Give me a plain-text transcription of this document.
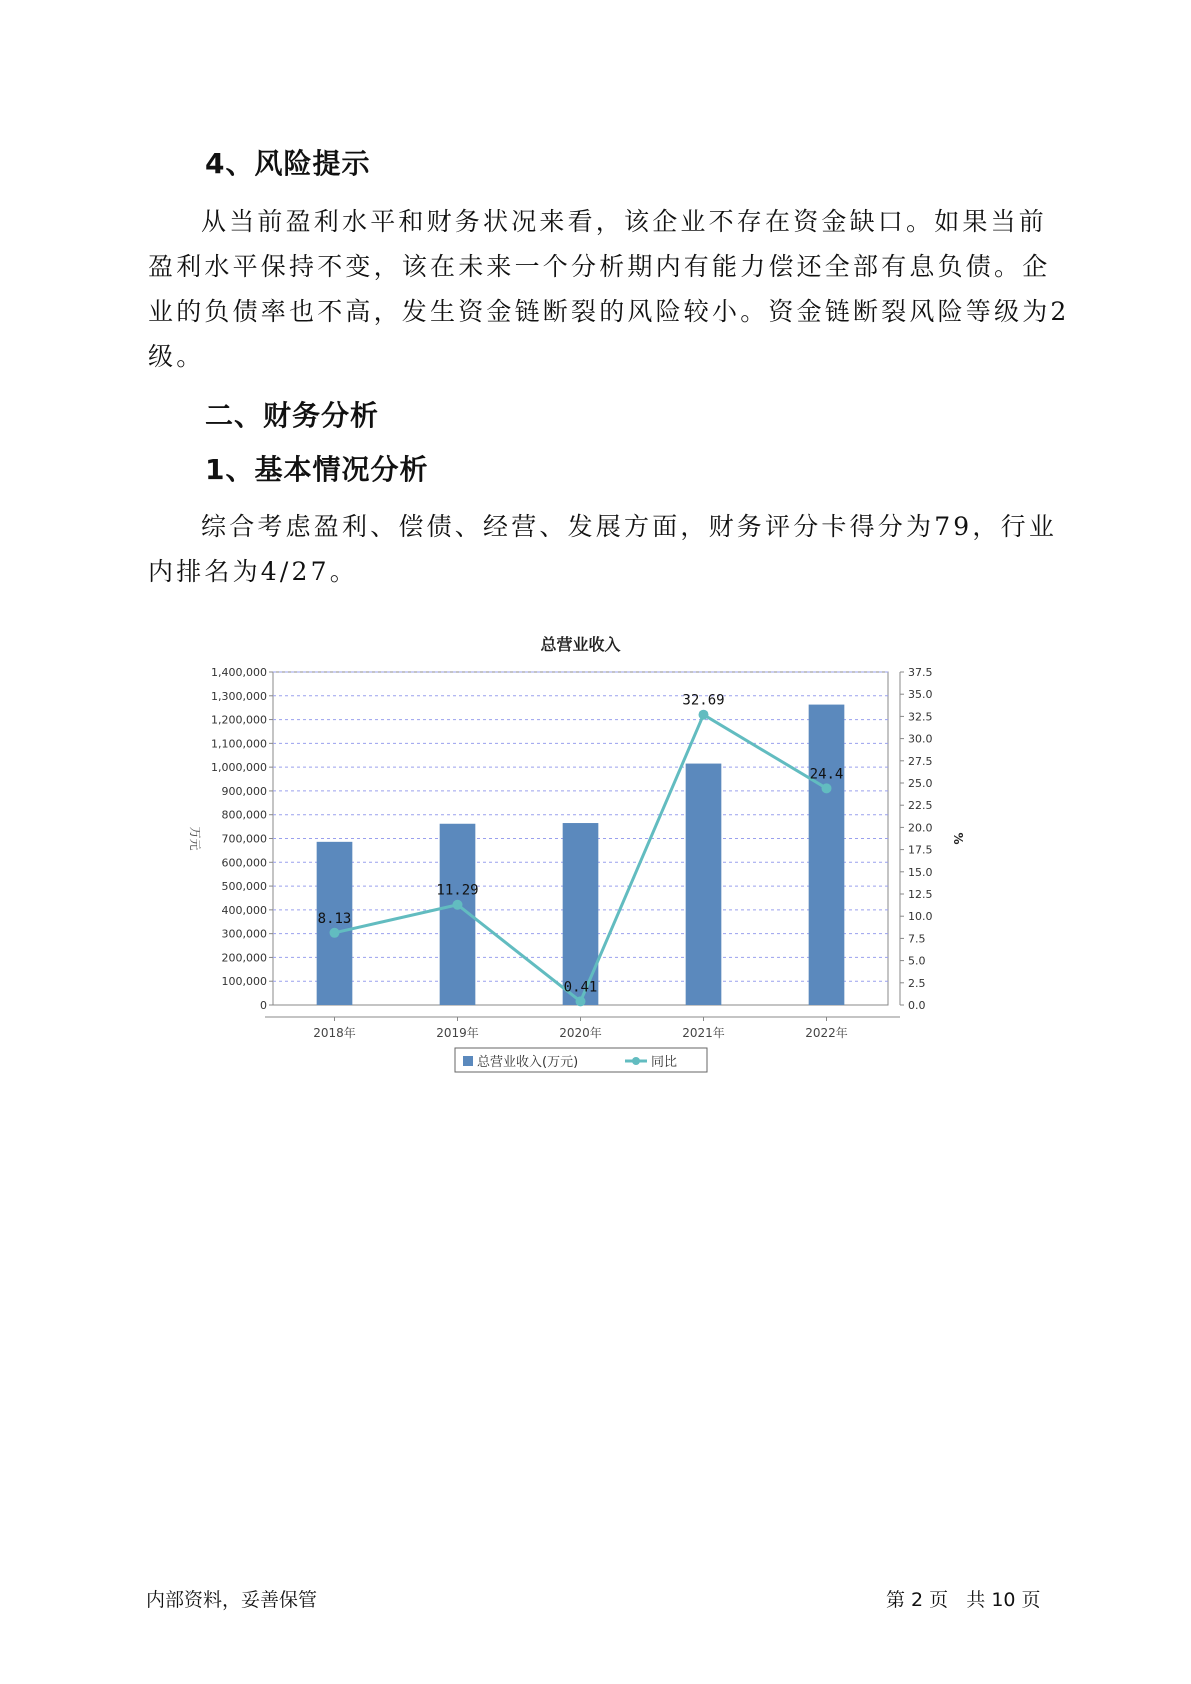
4、风险提示

从当前盈利水平和财务状况来看，该企业不存在资金缺口。如果当前
盈利水平保持不变，该在未来一个分析期内有能力偿还全部有息负债。企
业的负债率也不高，发生资金链断裂的风险较小。资金链断裂风险等级为2
级。

二、财务分析
1、基本情况分析

综合考虑盈利、偿债、经营、发展方面，财务评分卡得分为79，行业
内排名为4/27。

总营业收入
0
100,000
200,000
300,000
400,000
500,000
600,000
700,000
800,000
900,000
1,000,000
1,100,000
1,200,000
1,300,000
1,400,000
0.0
2.5
5.0
7.5
10.0
12.5
15.0
17.5
20.0
22.5
25.0
27.5
30.0
32.5
35.0
37.5
万元	%
2018年	2019年	2020年	2021年	2022年
8.13
11.29
0.41
32.69
24.4
总营业收入(万元)	同比
内部资料，妥善保管	第 2 页   共 10 页
